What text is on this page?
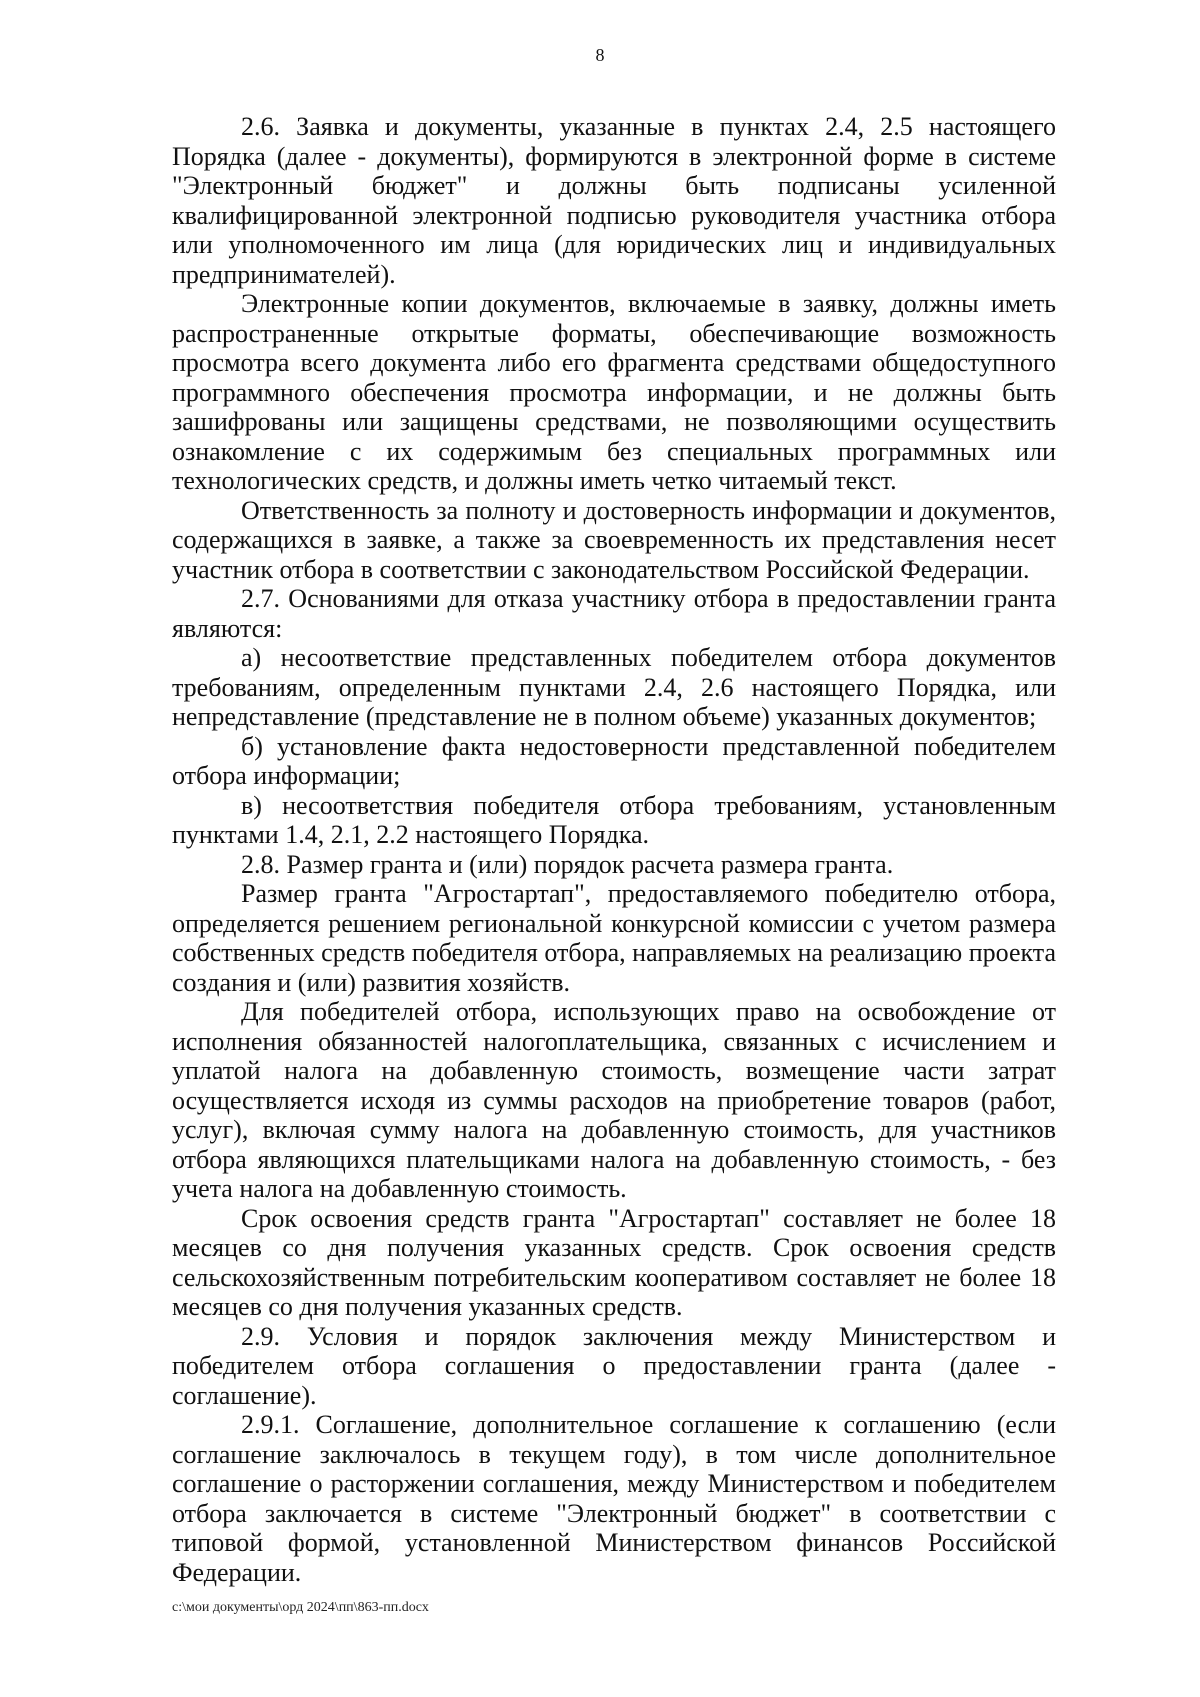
8

2.6. Заявка и документы, указанные в пунктах 2.4, 2.5 настоящего Порядка (далее - документы), формируются в электронной форме в системе "Электронный бюджет" и должны быть подписаны усиленной квалифицированной электронной подписью руководителя участника отбора или уполномоченного им лица (для юридических лиц и индивидуальных предпринимателей).

Электронные копии документов, включаемые в заявку, должны иметь распространенные открытые форматы, обеспечивающие возможность просмотра всего документа либо его фрагмента средствами общедоступного программного обеспечения просмотра информации, и не должны быть зашифрованы или защищены средствами, не позволяющими осуществить ознакомление с их содержимым без специальных программных или технологических средств, и должны иметь четко читаемый текст.

Ответственность за полноту и достоверность информации и документов, содержащихся в заявке, а также за своевременность их представления несет участник отбора в соответствии с законодательством Российской Федерации.

2.7. Основаниями для отказа участнику отбора в предоставлении гранта являются:

а) несоответствие представленных победителем отбора документов требованиям, определенным пунктами 2.4, 2.6 настоящего Порядка, или непредставление (представление не в полном объеме) указанных документов;

б) установление факта недостоверности представленной победителем отбора информации;

в) несоответствия победителя отбора требованиям, установленным пунктами 1.4, 2.1, 2.2 настоящего Порядка.

2.8. Размер гранта и (или) порядок расчета размера гранта.

Размер гранта "Агростартап", предоставляемого победителю отбора, определяется решением региональной конкурсной комиссии с учетом размера собственных средств победителя отбора, направляемых на реализацию проекта создания и (или) развития хозяйств.

Для победителей отбора, использующих право на освобождение от исполнения обязанностей налогоплательщика, связанных с исчислением и уплатой налога на добавленную стоимость, возмещение части затрат осуществляется исходя из суммы расходов на приобретение товаров (работ, услуг), включая сумму налога на добавленную стоимость, для участников отбора являющихся плательщиками налога на добавленную стоимость, - без учета налога на добавленную стоимость.

Срок освоения средств гранта "Агростартап" составляет не более 18 месяцев со дня получения указанных средств. Срок освоения средств сельскохозяйственным потребительским кооперативом составляет не более 18 месяцев со дня получения указанных средств.

2.9. Условия и порядок заключения между Министерством и победителем отбора соглашения о предоставлении гранта (далее - соглашение).

2.9.1. Соглашение, дополнительное соглашение к соглашению (если соглашение заключалось в текущем году), в том числе дополнительное соглашение о расторжении соглашения, между Министерством и победителем отбора заключается в системе "Электронный бюджет" в соответствии с типовой формой, установленной Министерством финансов Российской Федерации.

c:\мои документы\орд 2024\пп\863-пп.docx
